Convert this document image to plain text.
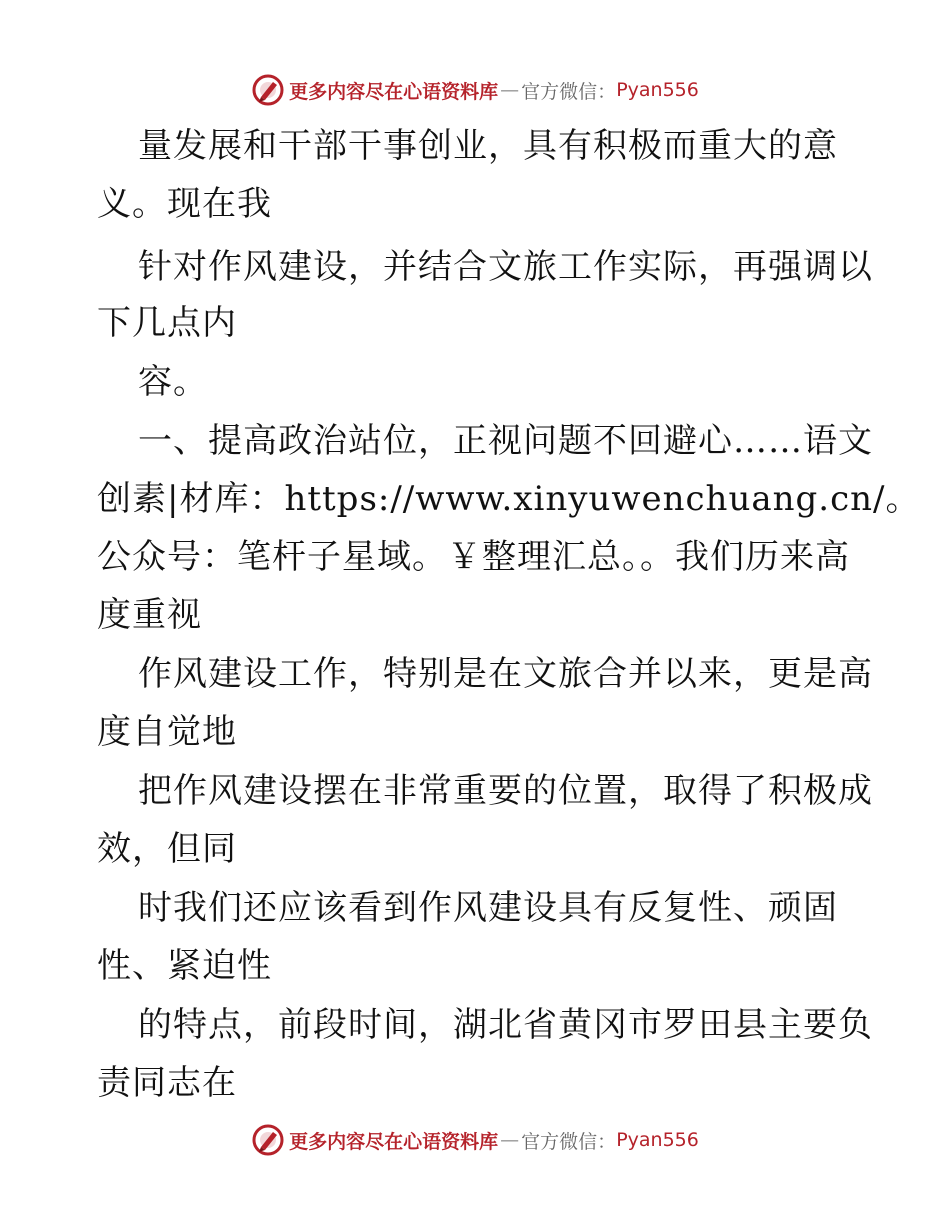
更多内容尽在心语资料库 — 官方微信： Pyan556
量发展和干部干事创业，具有积极而重大的意
义。现在我
针对作风建设，并结合文旅工作实际，再强调以
下几点内
容。
一、提高政治站位，正视问题不回避心……语文
创素|材库：https://www.xinyuwenchuang.cn/。
公众号：笔杆子星域。￥整理汇总。。我们历来高
度重视
作风建设工作，特别是在文旅合并以来，更是高
度自觉地
把作风建设摆在非常重要的位置，取得了积极成
效，但同
时我们还应该看到作风建设具有反复性、顽固
性、紧迫性
的特点，前段时间，湖北省黄冈市罗田县主要负
责同志在
更多内容尽在心语资料库 — 官方微信： Pyan556
